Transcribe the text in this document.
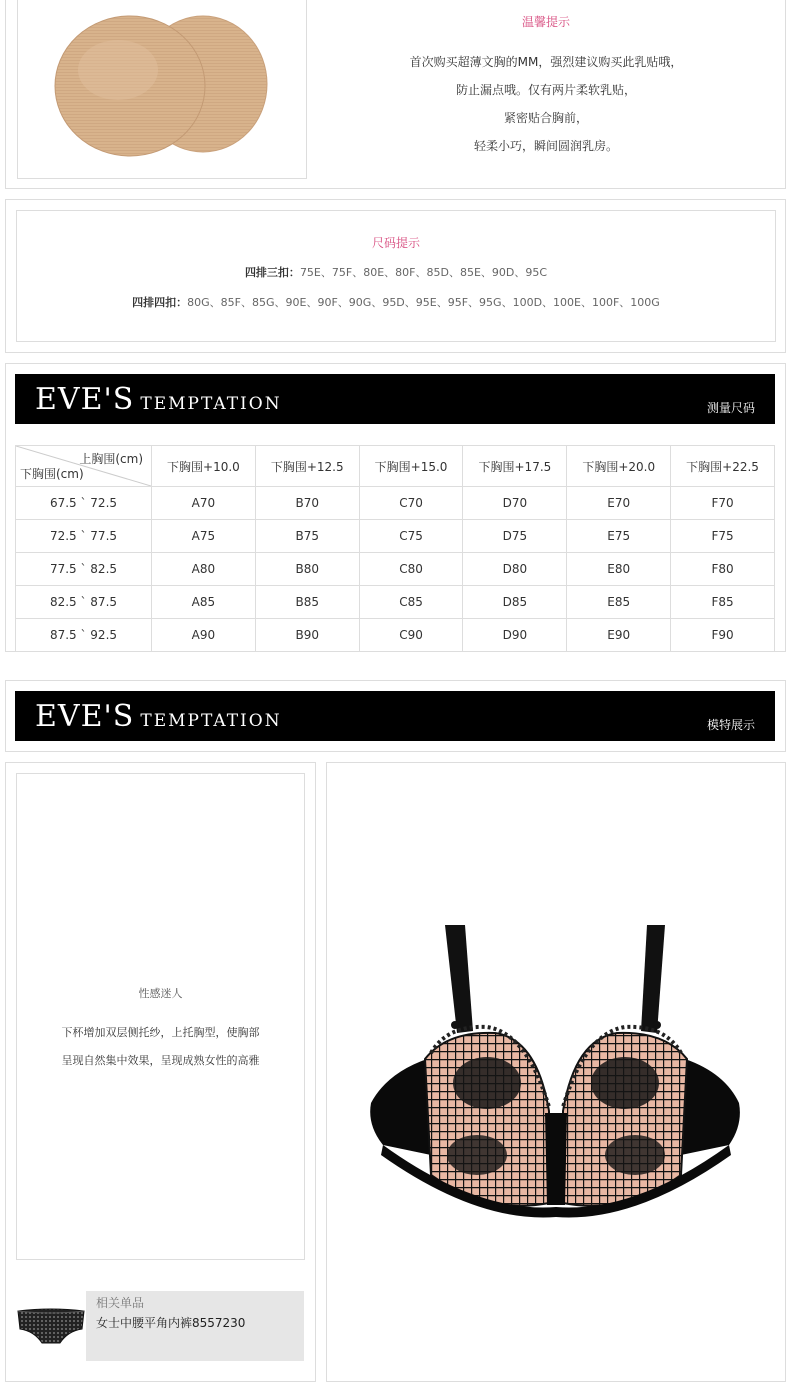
温馨提示
首次购买超薄文胸的MM，强烈建议购买此乳贴哦，
防止漏点哦。仅有两片柔软乳贴，
紧密贴合胸前，
轻柔小巧，瞬间圆润乳房。
尺码提示
四排三扣：75E、75F、80E、80F、85D、85E、90D、95C
四排四扣：80G、85F、85G、90E、90F、90G、95D、95E、95F、95G、100D、100E、100F、100G
EVE'S TEMPTATION	测量尺码
上胸围(cm)
下胸围(cm)	下胸围+10.0	下胸围+12.5	下胸围+15.0	下胸围+17.5	下胸围+20.0	下胸围+22.5
67.5 ` 72.5	A70	B70	C70	D70	E70	F70
72.5 ` 77.5	A75	B75	C75	D75	E75	F75
77.5 ` 82.5	A80	B80	C80	D80	E80	F80
82.5 ` 87.5	A85	B85	C85	D85	E85	F85
87.5 ` 92.5	A90	B90	C90	D90	E90	F90
EVE'S TEMPTATION	模特展示
性感迷人
下杯增加双层侧托纱，上托胸型，使胸部
呈现自然集中效果，呈现成熟女性的高雅
相关单品
女士中腰平角内裤8557230
